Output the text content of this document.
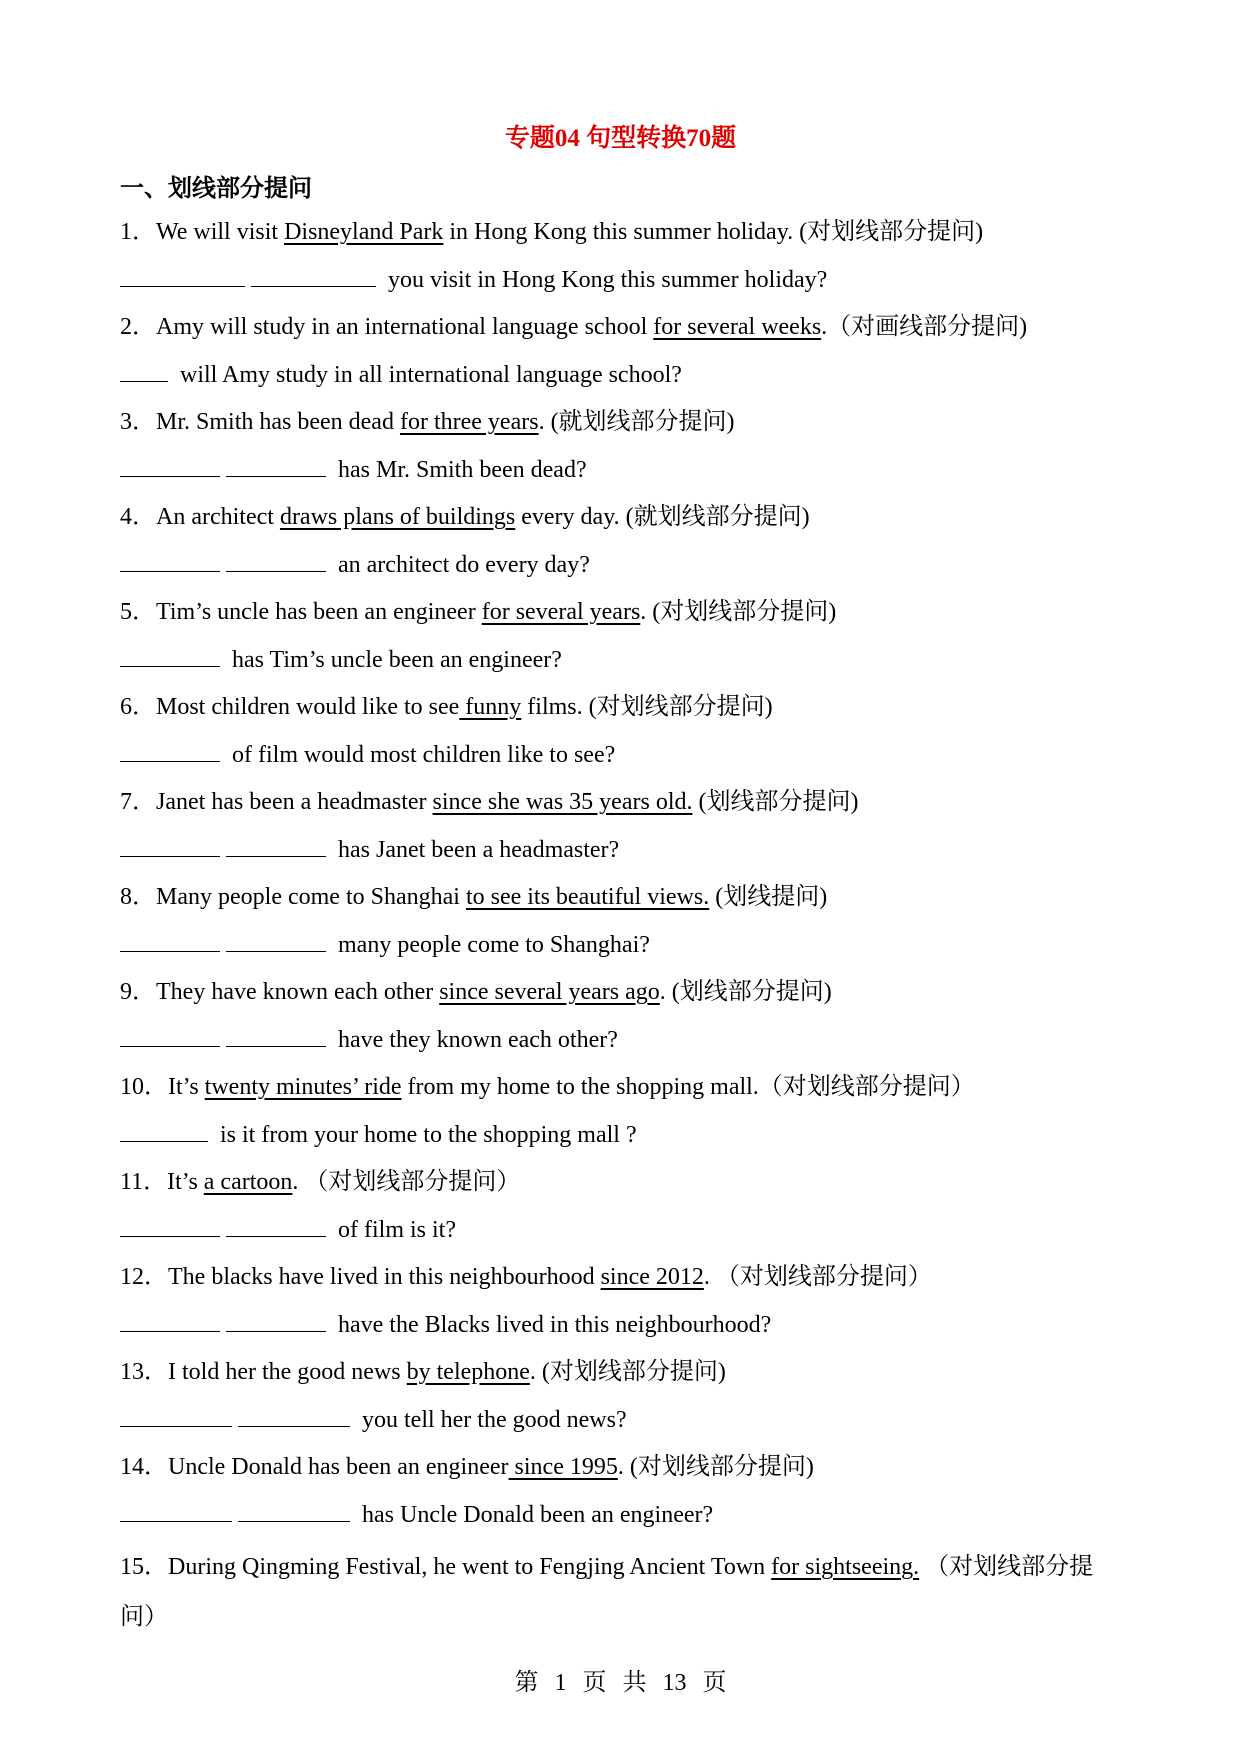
专题04 句型转换70题
一、划线部分提问
1．We will visit Disneyland Park in Hong Kong this summer holiday. (对划线部分提问)
you visit in Hong Kong this summer holiday?
2．Amy will study in an international language school for several weeks.（对画线部分提问)
will Amy study in all international language school?
3．Mr. Smith has been dead for three years. (就划线部分提问)
has Mr. Smith been dead?
4．An architect draws plans of buildings every day. (就划线部分提问)
an architect do every day?
5．Tim’s uncle has been an engineer for several years. (对划线部分提问)
has Tim’s uncle been an engineer?
6．Most children would like to see funny films. (对划线部分提问)
of film would most children like to see?
7．Janet has been a headmaster since she was 35 years old. (划线部分提问)
has Janet been a headmaster?
8．Many people come to Shanghai to see its beautiful views. (划线提问)
many people come to Shanghai?
9．They have known each other since several years ago. (划线部分提问)
have they known each other?
10．It’s twenty minutes’ ride from my home to the shopping mall.（对划线部分提问）
is it from your home to the shopping mall ?
11．It’s a cartoon. （对划线部分提问）
of film is it?
12．The blacks have lived in this neighbourhood since 2012. （对划线部分提问）
have the Blacks lived in this neighbourhood?
13．I told her the good news by telephone. (对划线部分提问)
you tell her the good news?
14．Uncle Donald has been an engineer since 1995. (对划线部分提问)
has Uncle Donald been an engineer?
15．During Qingming Festival, he went to Fengjing Ancient Town for sightseeing. （对划线部分提问）
第 1 页 共 13 页
